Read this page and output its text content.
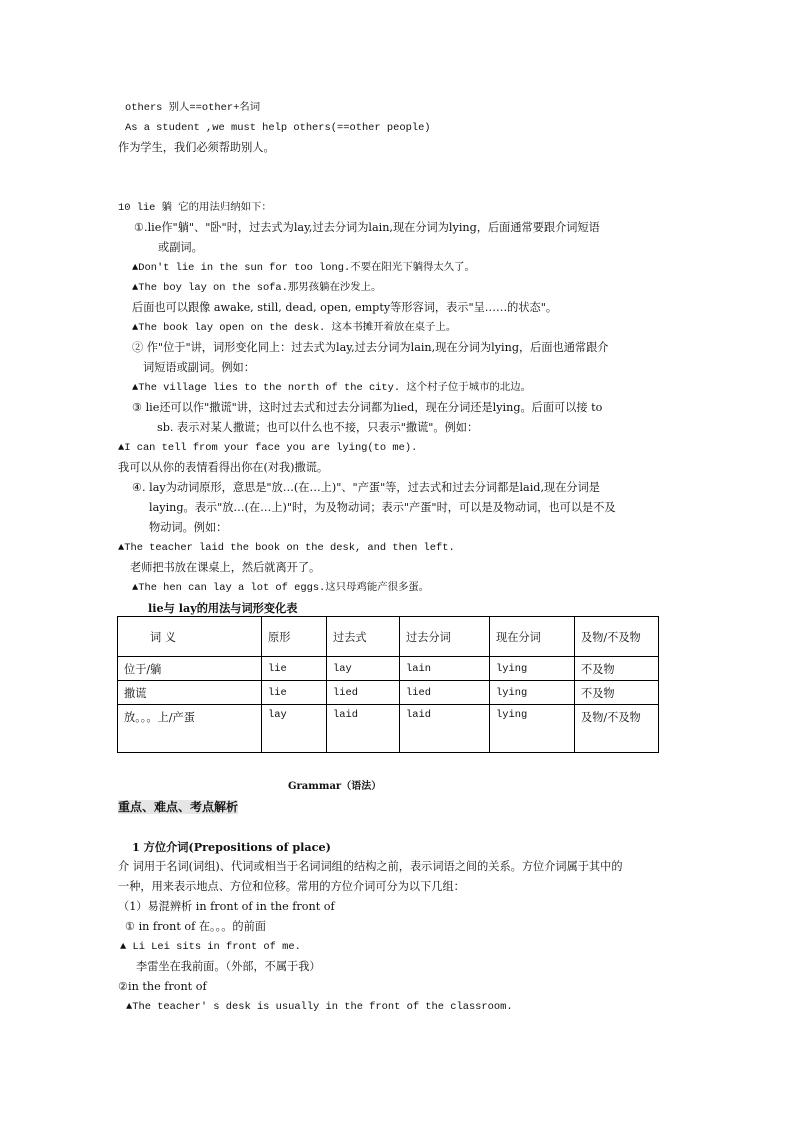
others 别人==other+名词
As a student ,we must help others(==other people)
作为学生，我们必须帮助别人。
10 lie 躺 它的用法归纳如下：
①.lie作"躺"、"卧"时，过去式为lay,过去分词为lain,现在分词为lying，后面通常要跟介词短语
或副词。
▲Don't lie in the sun for too long.不要在阳光下躺得太久了。
▲The boy lay on the sofa.那男孩躺在沙发上。
后面也可以跟像 awake, still, dead, open, empty等形容词，表示"呈……的状态"。
▲The book lay open on the desk. 这本书摊开着放在桌子上。
② 作"位于"讲，词形变化同上：过去式为lay,过去分词为lain,现在分词为lying，后面也通常跟介
词短语或副词。例如：
▲The village lies to the north of the city. 这个村子位于城市的北边。
③ lie还可以作"撒谎"讲，这时过去式和过去分词都为lied，现在分词还是lying。后面可以接 to
sb. 表示对某人撒谎；也可以什么也不接，只表示"撒谎"。例如：
▲I can tell from your face you are lying(to me).
我可以从你的表情看得出你在(对我)撒谎。
④. lay为动词原形，意思是"放…(在…上)"、"产蛋"等，过去式和过去分词都是laid,现在分词是
laying。表示"放…(在…上)"时，为及物动词；表示"产蛋"时，可以是及物动词，也可以是不及
物动词。例如：
▲The teacher laid the book on the desk, and then left.
老师把书放在课桌上，然后就离开了。
▲The hen can lay a lot of eggs.这只母鸡能产很多蛋。
lie与 lay的用法与词形变化表
词 义	原形	过去式	过去分词	现在分词	及物/不及物
位于/躺	lie	lay	lain	lying	不及物
撒谎	lie	lied	lied	lying	不及物
放。。。上/产蛋	lay	laid	laid	lying	及物/不及物
Grammar（语法）
重点、难点、考点解析
1 方位介词(Prepositions of place)
介 词用于名词(词组)、代词或相当于名词词组的结构之前，表示词语之间的关系。方位介词属于其中的
一种，用来表示地点、方位和位移。常用的方位介词可分为以下几组：
（1）易混辨析 in front of in the front of
① in front of 在。。。的前面
▲ Li Lei sits in front of me.
李雷坐在我前面。（外部，不属于我）
②in the front of
▲The teacher' s desk is usually in the front of the classroom.
